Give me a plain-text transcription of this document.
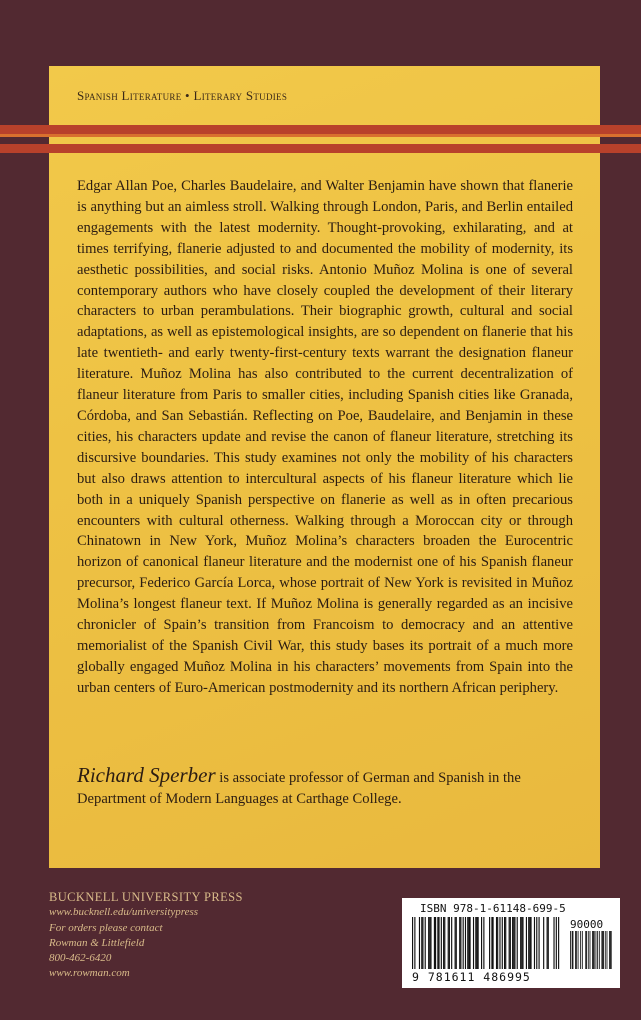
Spanish Literature • Literary Studies

Edgar Allan Poe, Charles Baudelaire, and Walter Benjamin have shown that flanerie is anything but an aimless stroll. Walking through London, Paris, and Berlin entailed engagements with the latest modernity. Thought-provoking, exhilarating, and at times terrifying, flanerie adjusted to and documented the mobility of modernity, its aesthetic possibilities, and social risks. Antonio Muñoz Molina is one of several contemporary authors who have closely coupled the development of their literary characters to urban perambulations. Their biographic growth, cultural and social adaptations, as well as epistemological insights, are so dependent on flanerie that his late twentieth- and early twenty-first-century texts warrant the designation flaneur literature. Muñoz Molina has also contributed to the current decentralization of flaneur literature from Paris to smaller cities, including Spanish cities like Granada, Córdoba, and San Sebastián. Reflecting on Poe, Baudelaire, and Benjamin in these cities, his characters update and revise the canon of flaneur literature, stretching its discursive boundaries. This study examines not only the mobility of his characters but also draws attention to intercultural aspects of his flaneur literature which lie both in a uniquely Spanish perspective on flanerie as well as in often precarious encounters with cultural otherness. Walking through a Moroccan city or through Chinatown in New York, Muñoz Molina’s characters broaden the Eurocentric horizon of canonical flaneur literature and the modernist one of his Spanish flaneur precursor, Federico García Lorca, whose portrait of New York is revisited in Muñoz Molina’s longest flaneur text. If Muñoz Molina is generally regarded as an incisive chronicler of Spain’s transition from Francoism to democracy and an attentive memorialist of the Spanish Civil War, this study bases its portrait of a much more globally engaged Muñoz Molina in his characters’ movements from Spain into the urban centers of Euro-American postmodernity and its northern African periphery.

Richard Sperber is associate professor of German and Spanish in the Department of Modern Languages at Carthage College.

BUCKNELL UNIVERSITY PRESS
www.bucknell.edu/universitypress
For orders please contact
Rowman & Littlefield
800-462-6420
www.rowman.com
ISBN 978-1-61148-699-5
90000
9 781611 486995
